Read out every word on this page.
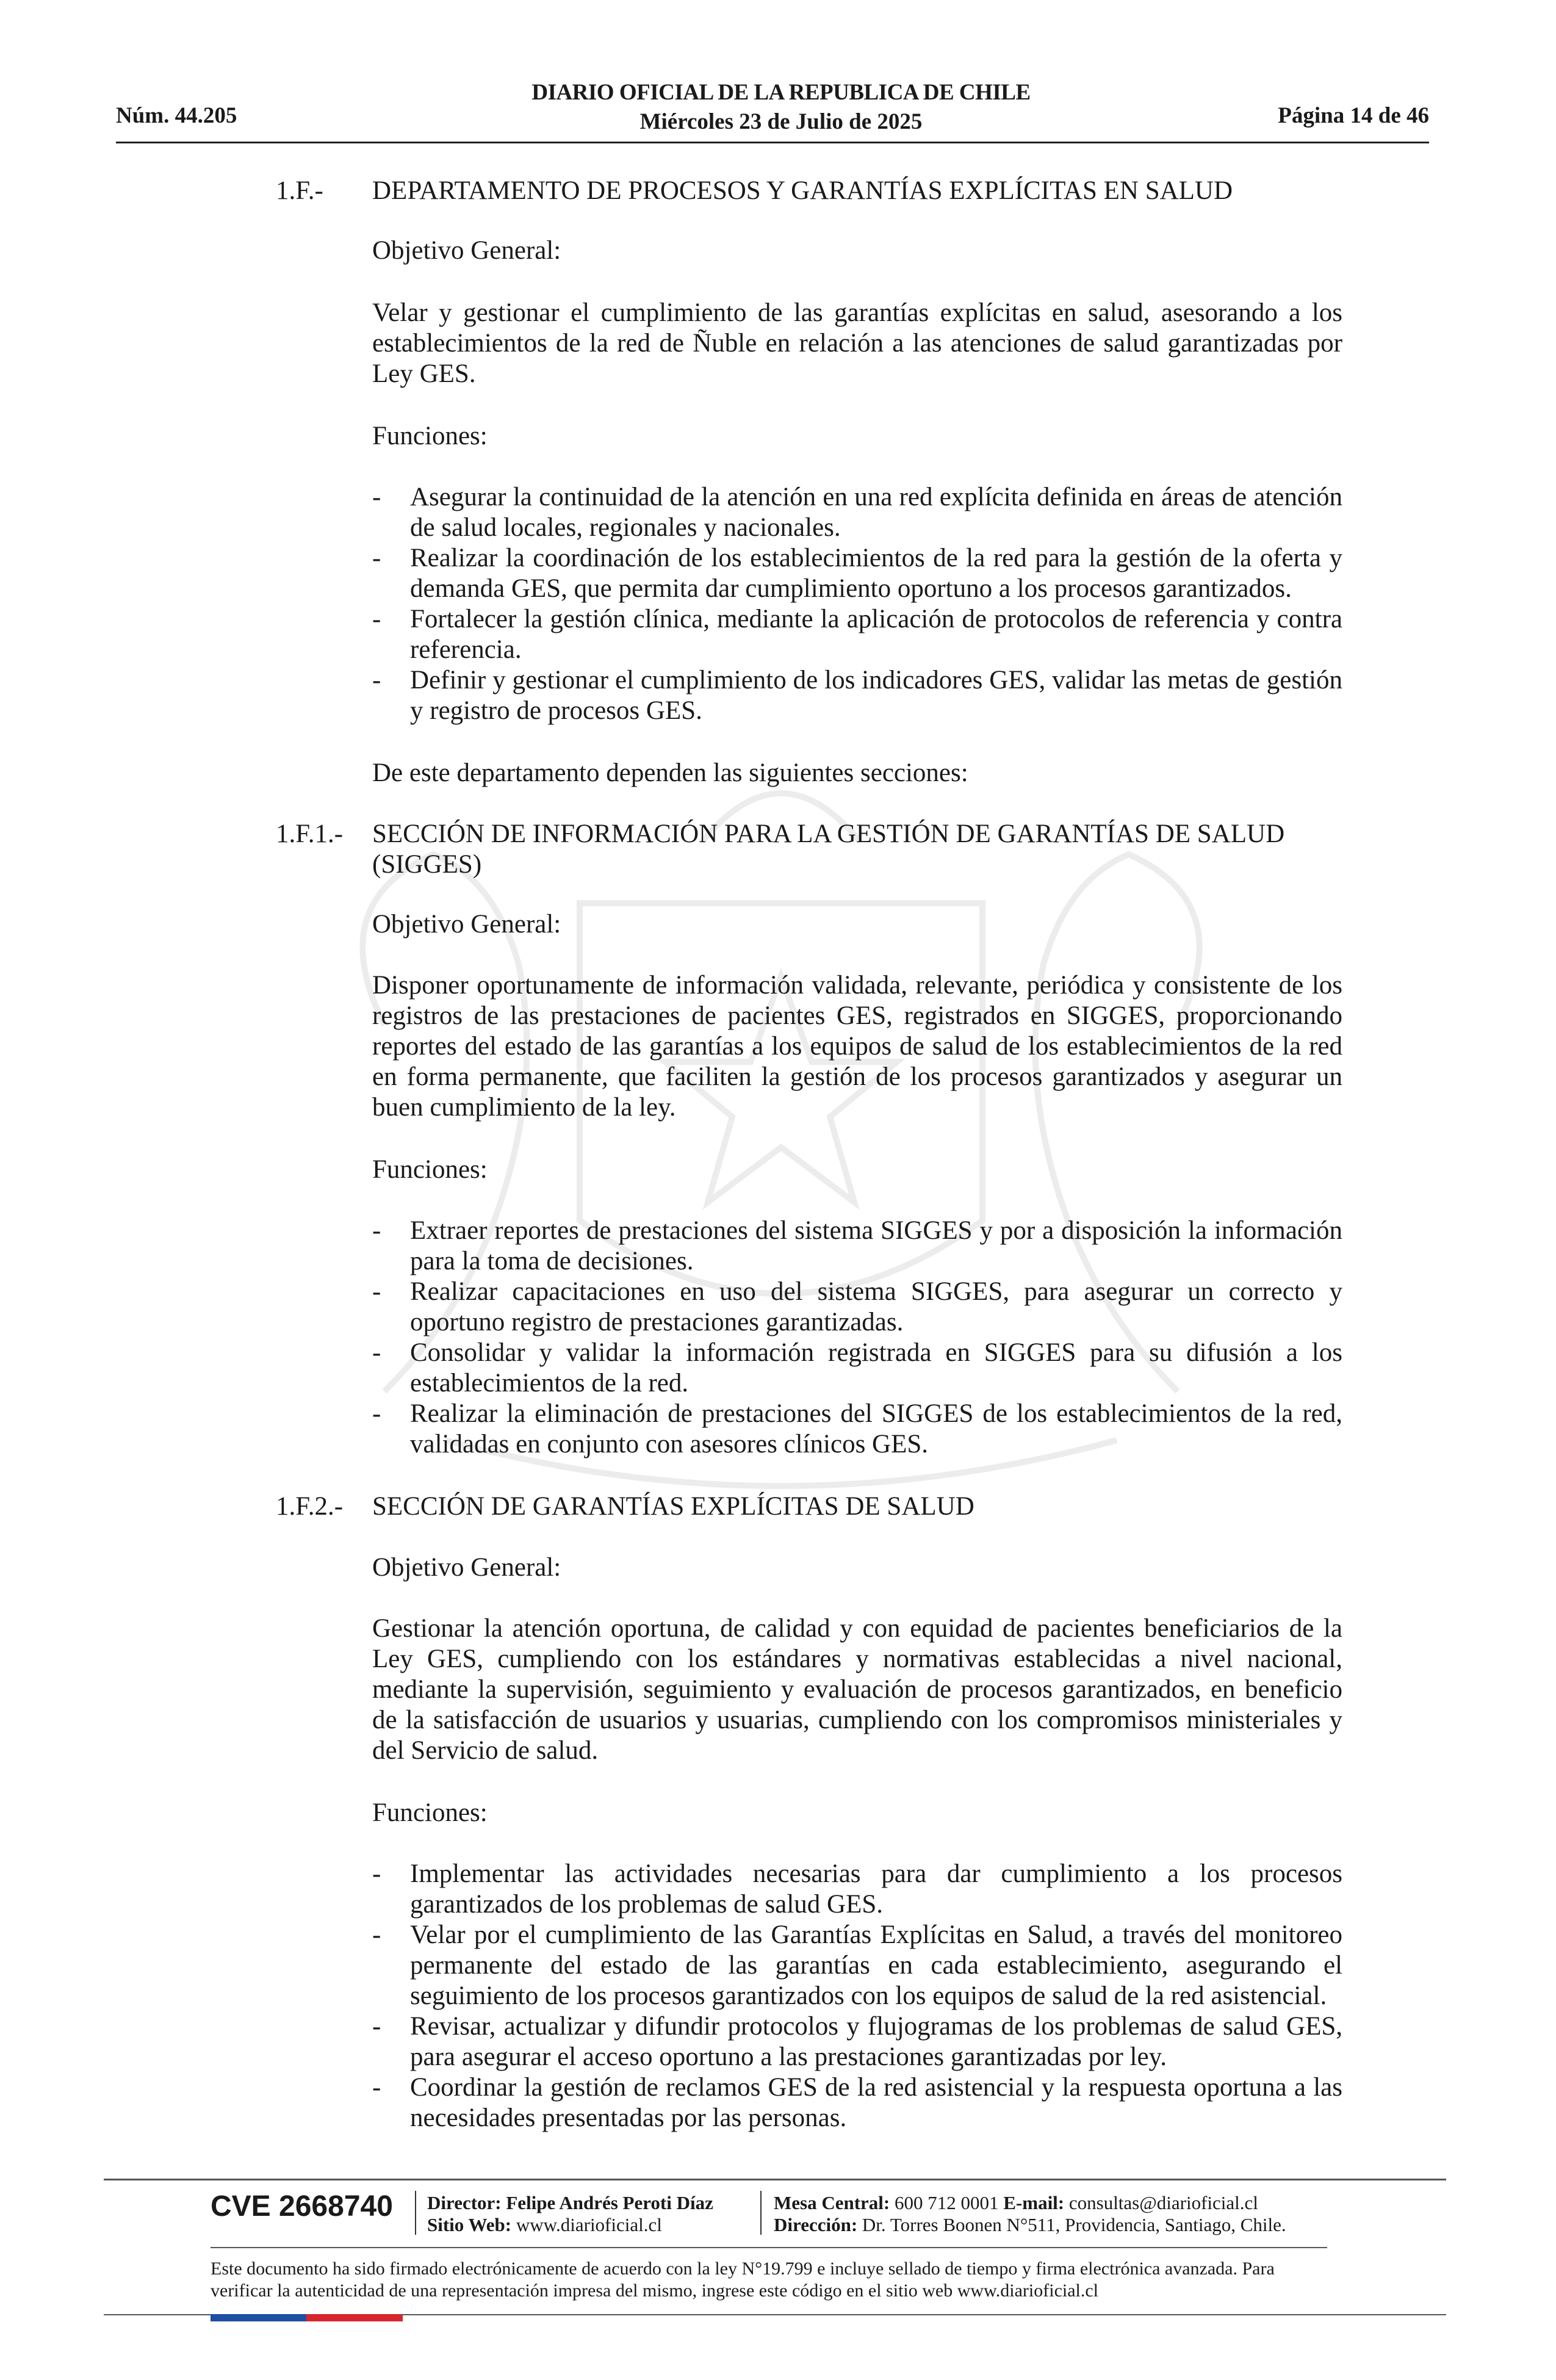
Núm. 44.205
DIARIO OFICIAL DE LA REPUBLICA DE CHILE
Miércoles 23 de Julio de 2025	Página 14 de 46
1.F.- DEPARTAMENTO DE PROCESOS Y GARANTÍAS EXPLÍCITAS EN SALUD
Objetivo General:
Velar y gestionar el cumplimiento de las garantías explícitas en salud, asesorando a los establecimientos de la red de Ñuble en relación a las atenciones de salud garantizadas por Ley GES.
Funciones:
- Asegurar la continuidad de la atención en una red explícita definida en áreas de atención de salud locales, regionales y nacionales.
- Realizar la coordinación de los establecimientos de la red para la gestión de la oferta y demanda GES, que permita dar cumplimiento oportuno a los procesos garantizados.
- Fortalecer la gestión clínica, mediante la aplicación de protocolos de referencia y contra referencia.
- Definir y gestionar el cumplimiento de los indicadores GES, validar las metas de gestión y registro de procesos GES.
De este departamento dependen las siguientes secciones:
1.F.1.- SECCIÓN DE INFORMACIÓN PARA LA GESTIÓN DE GARANTÍAS DE SALUD (SIGGES)
Objetivo General:
Disponer oportunamente de información validada, relevante, periódica y consistente de los registros de las prestaciones de pacientes GES, registrados en SIGGES, proporcionando reportes del estado de las garantías a los equipos de salud de los establecimientos de la red en forma permanente, que faciliten la gestión de los procesos garantizados y asegurar un buen cumplimiento de la ley.
Funciones:
- Extraer reportes de prestaciones del sistema SIGGES y por a disposición la información para la toma de decisiones.
- Realizar capacitaciones en uso del sistema SIGGES, para asegurar un correcto y oportuno registro de prestaciones garantizadas.
- Consolidar y validar la información registrada en SIGGES para su difusión a los establecimientos de la red.
- Realizar la eliminación de prestaciones del SIGGES de los establecimientos de la red, validadas en conjunto con asesores clínicos GES.
1.F.2.- SECCIÓN DE GARANTÍAS EXPLÍCITAS DE SALUD
Objetivo General:
Gestionar la atención oportuna, de calidad y con equidad de pacientes beneficiarios de la Ley GES, cumpliendo con los estándares y normativas establecidas a nivel nacional, mediante la supervisión, seguimiento y evaluación de procesos garantizados, en beneficio de la satisfacción de usuarios y usuarias, cumpliendo con los compromisos ministeriales y del Servicio de salud.
Funciones:
- Implementar las actividades necesarias para dar cumplimiento a los procesos garantizados de los problemas de salud GES.
- Velar por el cumplimiento de las Garantías Explícitas en Salud, a través del monitoreo permanente del estado de las garantías en cada establecimiento, asegurando el seguimiento de los procesos garantizados con los equipos de salud de la red asistencial.
- Revisar, actualizar y difundir protocolos y flujogramas de los problemas de salud GES, para asegurar el acceso oportuno a las prestaciones garantizadas por ley.
- Coordinar la gestión de reclamos GES de la red asistencial y la respuesta oportuna a las necesidades presentadas por las personas.
CVE 2668740 Director: Felipe Andrés Peroti Díaz
Sitio Web: www.diarioficial.cl
Mesa Central: 600 712 0001 E-mail: consultas@diarioficial.cl
Dirección: Dr. Torres Boonen N°511, Providencia, Santiago, Chile.
Este documento ha sido firmado electrónicamente de acuerdo con la ley N°19.799 e incluye sellado de tiempo y firma electrónica avanzada. Para verificar la autenticidad de una representación impresa del mismo, ingrese este código en el sitio web www.diarioficial.cl
